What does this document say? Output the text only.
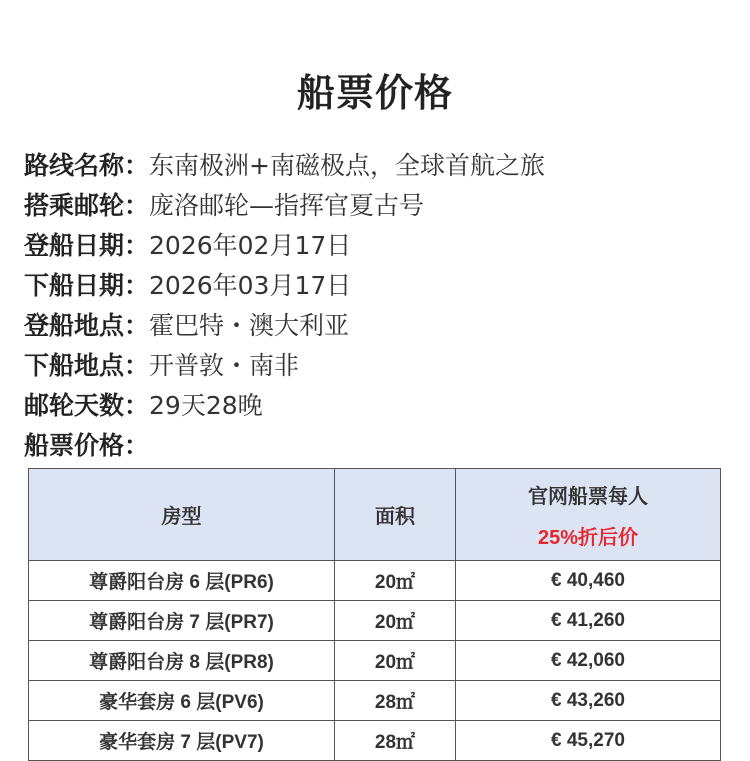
船票价格
路线名称：东南极洲+南磁极点，全球首航之旅
搭乘邮轮：庞洛邮轮—指挥官夏古号
登船日期：2026年02月17日
下船日期：2026年03月17日
登船地点：霍巴特・澳大利亚
下船地点：开普敦・南非
邮轮天数：29天28晚
船票价格：
房型	面积	官网船票每人
25%折后价

尊爵阳台房 6 层(PR6)	20㎡	€ 40,460
尊爵阳台房 7 层(PR7)	20㎡	€ 41,260
尊爵阳台房 8 层(PR8)	20㎡	€ 42,060
豪华套房 6 层(PV6)	28㎡	€ 43,260
豪华套房 7 层(PV7)	28㎡	€ 45,270
